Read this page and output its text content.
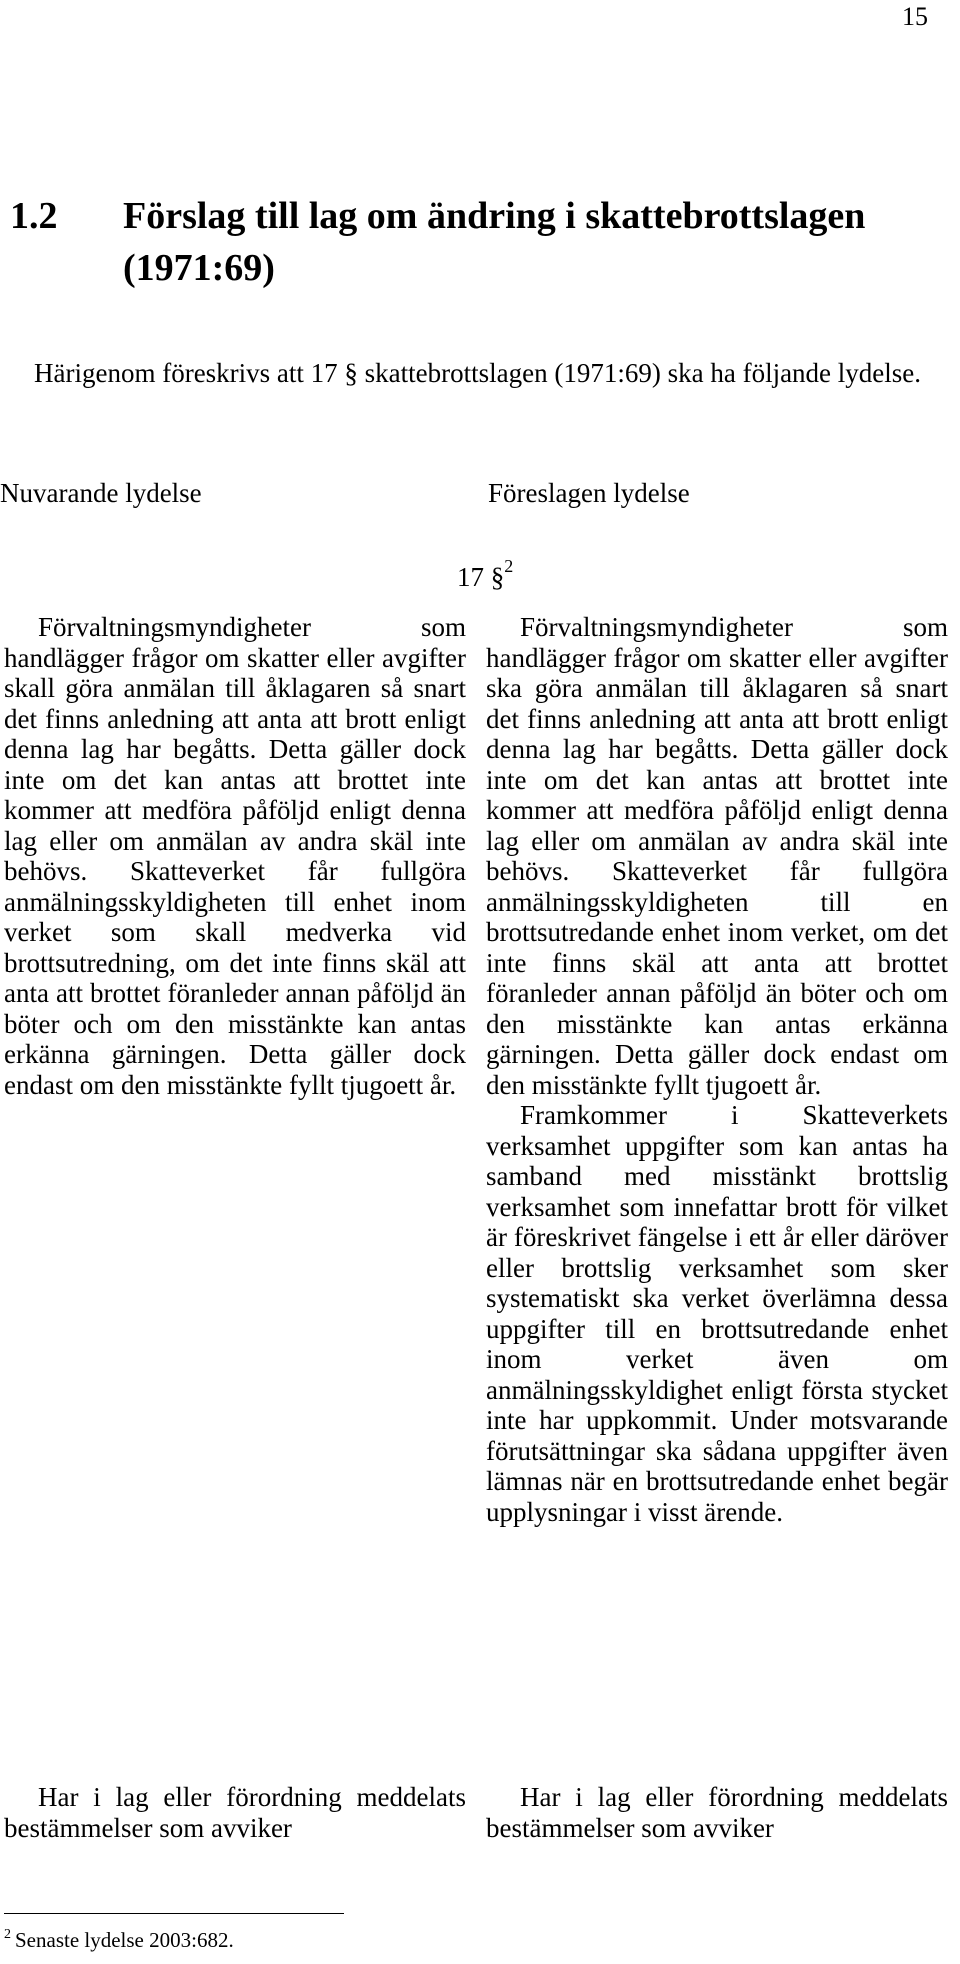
15
1.2 Förslag till lag om ändring i skattebrottslagen (1971:69)
Härigenom föreskrivs att 17 § skattebrottslagen (1971:69) ska ha följande lydelse.
Nuvarande lydelse	Föreslagen lydelse
17 §$^2$

Förvaltningsmyndigheter som handlägger frågor om skatter eller avgifter skall göra anmälan till åklagaren så snart det finns anledning att anta att brott enligt denna lag har begåtts. Detta gäller dock inte om det kan antas att brottet inte kommer att medföra påföljd enligt denna lag eller om anmälan av andra skäl inte behövs. Skatteverket får fullgöra anmälningsskyldigheten till enhet inom verket som skall medverka vid brottsutredning, om det inte finns skäl att anta att brottet föranleder annan påföljd än böter och om den misstänkte kan antas erkänna gärningen. Detta gäller dock endast om den misstänkte fyllt tjugoett år.

Förvaltningsmyndigheter som handlägger frågor om skatter eller avgifter ska göra anmälan till åklagaren så snart det finns anledning att anta att brott enligt denna lag har begåtts. Detta gäller dock inte om det kan antas att brottet inte kommer att medföra påföljd enligt denna lag eller om anmälan av andra skäl inte behövs. Skatteverket får fullgöra anmälningsskyldigheten till en brottsutredande enhet inom verket, om det inte finns skäl att anta att brottet föranleder annan påföljd än böter och om den misstänkte kan antas erkänna gärningen. Detta gäller dock endast om den misstänkte fyllt tjugoett år.

Framkommer i Skatteverkets verksamhet uppgifter som kan antas ha samband med misstänkt brottslig verksamhet som innefattar brott för vilket är föreskrivet fängelse i ett år eller däröver eller brottslig verksamhet som sker systematiskt ska verket överlämna dessa uppgifter till en brottsutredande enhet inom verket även om anmälningsskyldighet enligt första stycket inte har uppkommit. Under motsvarande förutsättningar ska sådana uppgifter även lämnas när en brottsutredande enhet begär upplysningar i visst ärende.

Har i lag eller förordning meddelats bestämmelser som avviker

Har i lag eller förordning meddelats bestämmelser som avviker

$^2$ Senaste lydelse 2003:682.
